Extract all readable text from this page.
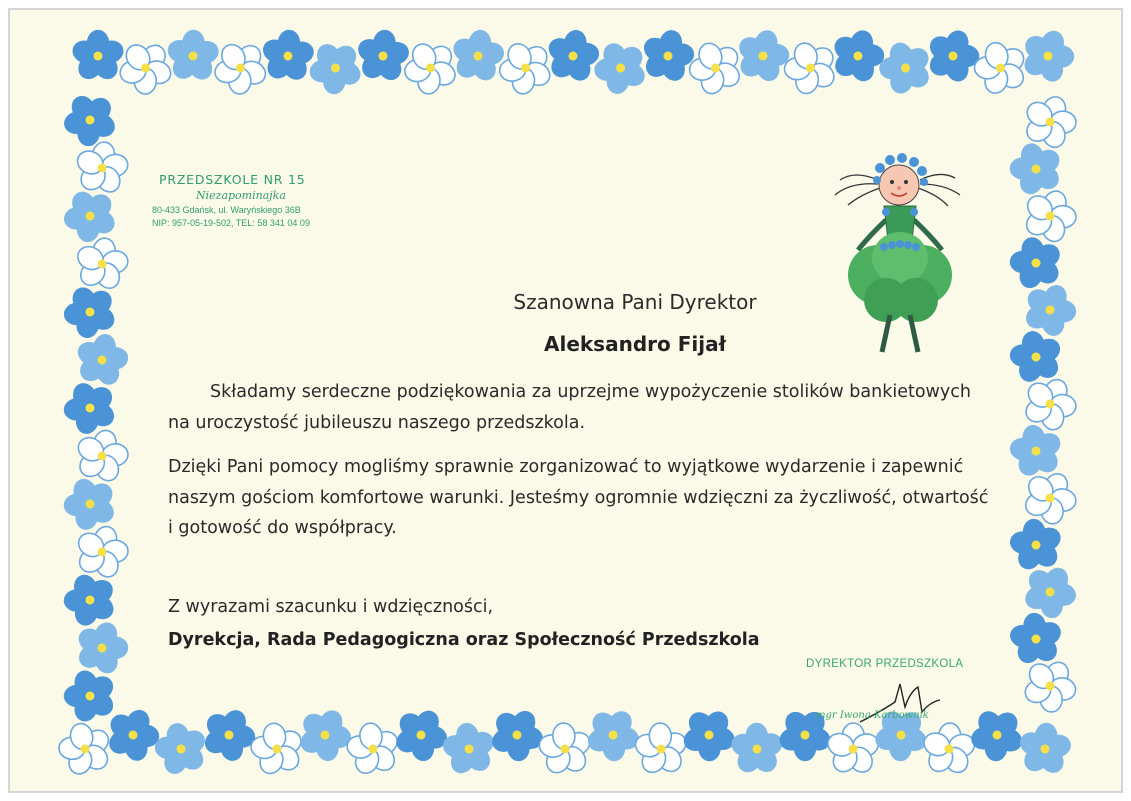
PRZEDSZKOLE NR 15
Niezapominajka
80-433 Gdańsk, ul. Waryńskiego 36B
NIP: 957-05-19-502, TEL: 58 341 04 09
Szanowna Pani Dyrektor
Aleksandro Fijał

Składamy serdeczne podziękowania za uprzejme wypożyczenie stolików bankietowych na uroczystość jubileuszu naszego przedszkola.

Dzięki Pani pomocy mogliśmy sprawnie zorganizować to wyjątkowe wydarzenie i zapewnić naszym gościom komfortowe warunki. Jesteśmy ogromnie wdzięczni za życzliwość, otwartość i gotowość do współpracy.

Z wyrazami szacunku i wdzięczności,
Dyrekcja, Rada Pedagogiczna oraz Społeczność Przedszkola
DYREKTOR PRZEDSZKOLA
mgr Iwona Karbownik
